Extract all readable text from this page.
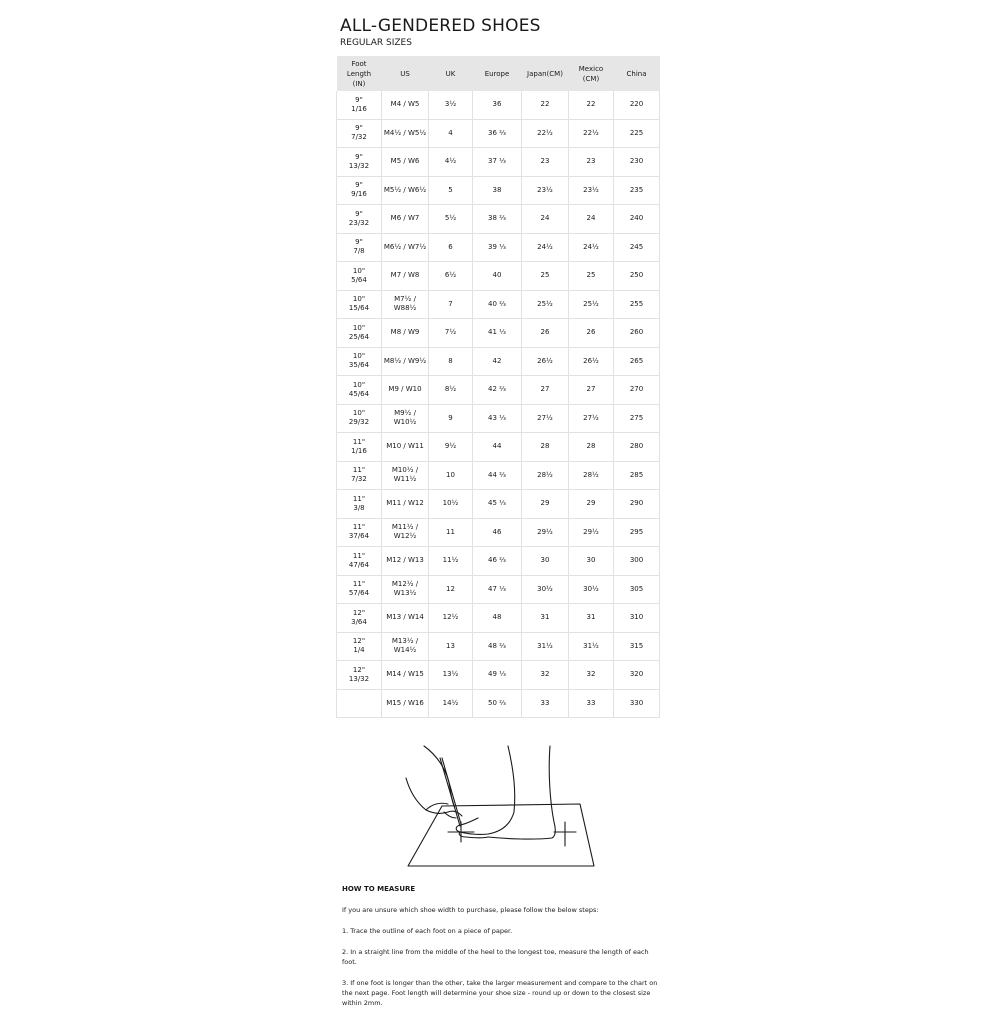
ALL-GENDERED SHOES

REGULAR SIZES

Foot Length
(IN)	US	UK	Europe	Japan(CM)	Mexico (CM)	China
9"
1/16	M4 / W5	3½	36	22	22	220
9"
7/32	M4½ / W5½	4	36 ⅔	22½	22½	225
9"
13/32	M5 / W6	4½	37 ⅓	23	23	230
9"
9/16	M5½ / W6½	5	38	23½	23½	235
9"
23/32	M6 / W7	5½	38 ⅔	24	24	240
9"
7/8	M6½ / W7½	6	39 ⅓	24½	24½	245
10"
5/64	M7 / W8	6½	40	25	25	250
10"
15/64	M7½ / W88½	7	40 ⅔	25½	25½	255
10"
25/64	M8 / W9	7½	41 ⅓	26	26	260
10"
35/64	M8½ / W9½	8	42	26½	26½	265
10"
45/64	M9 / W10	8½	42 ⅔	27	27	270
10"
29/32	M9½ / W10½	9	43 ⅓	27½	27½	275
11"
1/16	M10 / W11	9½	44	28	28	280
11"
7/32	M10½ / W11½	10	44 ⅔	28½	28½	285
11"
3/8	M11 / W12	10½	45 ⅓	29	29	290
11"
37/64	M11½ / W12½	11	46	29½	29½	295
11"
47/64	M12 / W13	11½	46 ⅔	30	30	300
11"
57/64	M12½ / W13½	12	47 ⅓	30½	30½	305
12"
3/64	M13 / W14	12½	48	31	31	310
12"
1/4	M13½ / W14½	13	48 ⅔	31½	31½	315
12"
13/32	M14 / W15	13½	49 ⅓	32	32	320
	M15 / W16	14½	50 ⅔	33	33	330
HOW TO MEASURE

If you are unsure which shoe width to purchase, please follow the below steps:

1. Trace the outline of each foot on a piece of paper.

2. In a straight line from the middle of the heel to the longest toe, measure the length of each foot.

3. If one foot is longer than the other, take the larger measurement and compare to the chart on the next page. Foot length will determine your shoe size - round up or down to the closest size within 2mm.
